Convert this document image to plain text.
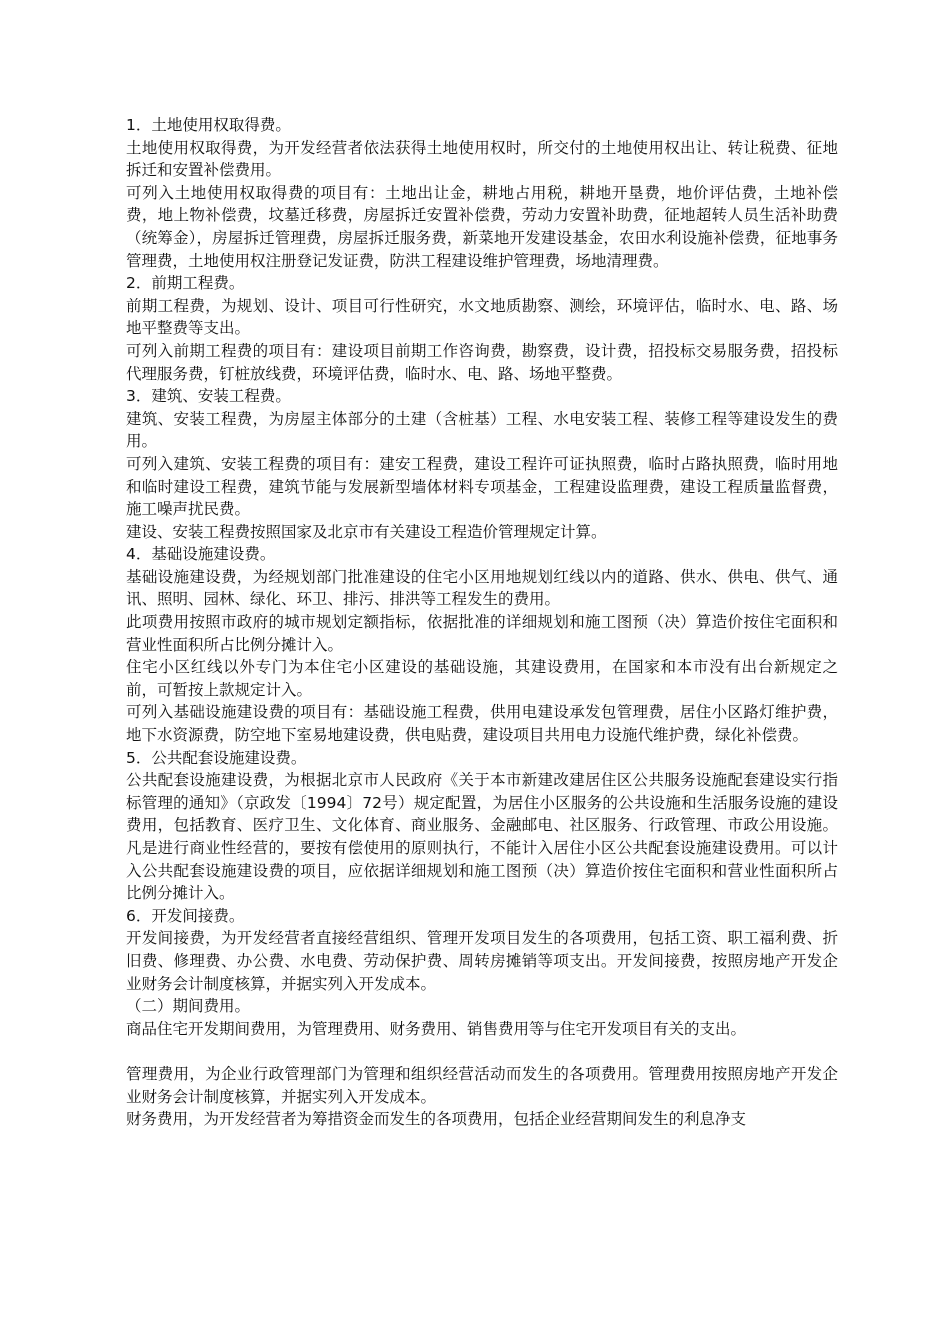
1．土地使用权取得费。

土地使用权取得费，为开发经营者依法获得土地使用权时，所交付的土地使用权出让、转让税费、征地拆迁和安置补偿费用。

可列入土地使用权取得费的项目有：土地出让金，耕地占用税，耕地开垦费，地价评估费，土地补偿费，地上物补偿费，坟墓迁移费，房屋拆迁安置补偿费，劳动力安置补助费，征地超转人员生活补助费（统筹金），房屋拆迁管理费，房屋拆迁服务费，新菜地开发建设基金，农田水利设施补偿费，征地事务管理费，土地使用权注册登记发证费，防洪工程建设维护管理费，场地清理费。

2．前期工程费。

前期工程费，为规划、设计、项目可行性研究，水文地质勘察、测绘，环境评估，临时水、电、路、场地平整费等支出。

可列入前期工程费的项目有：建设项目前期工作咨询费，勘察费，设计费，招投标交易服务费，招投标代理服务费，钉桩放线费，环境评估费，临时水、电、路、场地平整费。

3．建筑、安装工程费。

建筑、安装工程费，为房屋主体部分的土建（含桩基）工程、水电安装工程、装修工程等建设发生的费用。

可列入建筑、安装工程费的项目有：建安工程费，建设工程许可证执照费，临时占路执照费，临时用地和临时建设工程费，建筑节能与发展新型墙体材料专项基金，工程建设监理费，建设工程质量监督费，施工噪声扰民费。

建设、安装工程费按照国家及北京市有关建设工程造价管理规定计算。

4．基础设施建设费。

基础设施建设费，为经规划部门批准建设的住宅小区用地规划红线以内的道路、供水、供电、供气、通讯、照明、园林、绿化、环卫、排污、排洪等工程发生的费用。

此项费用按照市政府的城市规划定额指标，依据批准的详细规划和施工图预（决）算造价按住宅面积和营业性面积所占比例分摊计入。

住宅小区红线以外专门为本住宅小区建设的基础设施，其建设费用，在国家和本市没有出台新规定之前，可暂按上款规定计入。

可列入基础设施建设费的项目有：基础设施工程费，供用电建设承发包管理费，居住小区路灯维护费，地下水资源费，防空地下室易地建设费，供电贴费，建设项目共用电力设施代维护费，绿化补偿费。

5．公共配套设施建设费。

公共配套设施建设费，为根据北京市人民政府《关于本市新建改建居住区公共服务设施配套建设实行指标管理的通知》（京政发〔1994〕72号）规定配置，为居住小区服务的公共设施和生活服务设施的建设费用，包括教育、医疗卫生、文化体育、商业服务、金融邮电、社区服务、行政管理、市政公用设施。凡是进行商业性经营的，要按有偿使用的原则执行，不能计入居住小区公共配套设施建设费用。可以计入公共配套设施建设费的项目，应依据详细规划和施工图预（决）算造价按住宅面积和营业性面积所占比例分摊计入。

6．开发间接费。

开发间接费，为开发经营者直接经营组织、管理开发项目发生的各项费用，包括工资、职工福利费、折旧费、修理费、办公费、水电费、劳动保护费、周转房摊销等项支出。开发间接费，按照房地产开发企业财务会计制度核算，并据实列入开发成本。

（二）期间费用。

商品住宅开发期间费用，为管理费用、财务费用、销售费用等与住宅开发项目有关的支出。

管理费用，为企业行政管理部门为管理和组织经营活动而发生的各项费用。管理费用按照房地产开发企业财务会计制度核算，并据实列入开发成本。

财务费用，为开发经营者为筹措资金而发生的各项费用，包括企业经营期间发生的利息净支
